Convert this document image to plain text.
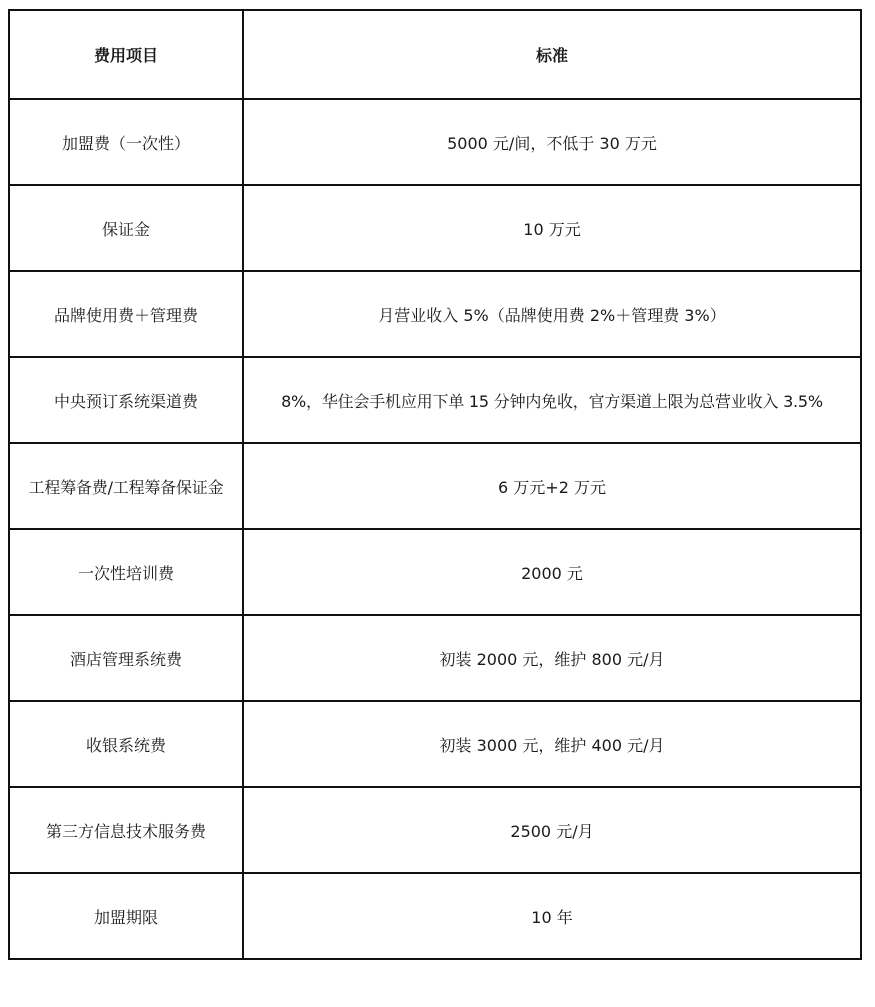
费用项目	标准
加盟费（一次性）	5000 元/间，不低于 30 万元
保证金	10 万元
品牌使用费＋管理费	月营业收入 5%（品牌使用费 2%＋管理费 3%）
中央预订系统渠道费	8%，华住会手机应用下单 15 分钟内免收，官方渠道上限为总营业收入 3.5%
工程筹备费/工程筹备保证金	6 万元+2 万元
一次性培训费	2000 元
酒店管理系统费	初装 2000 元，维护 800 元/月
收银系统费	初装 3000 元，维护 400 元/月
第三方信息技术服务费	2500 元/月
加盟期限	10 年
